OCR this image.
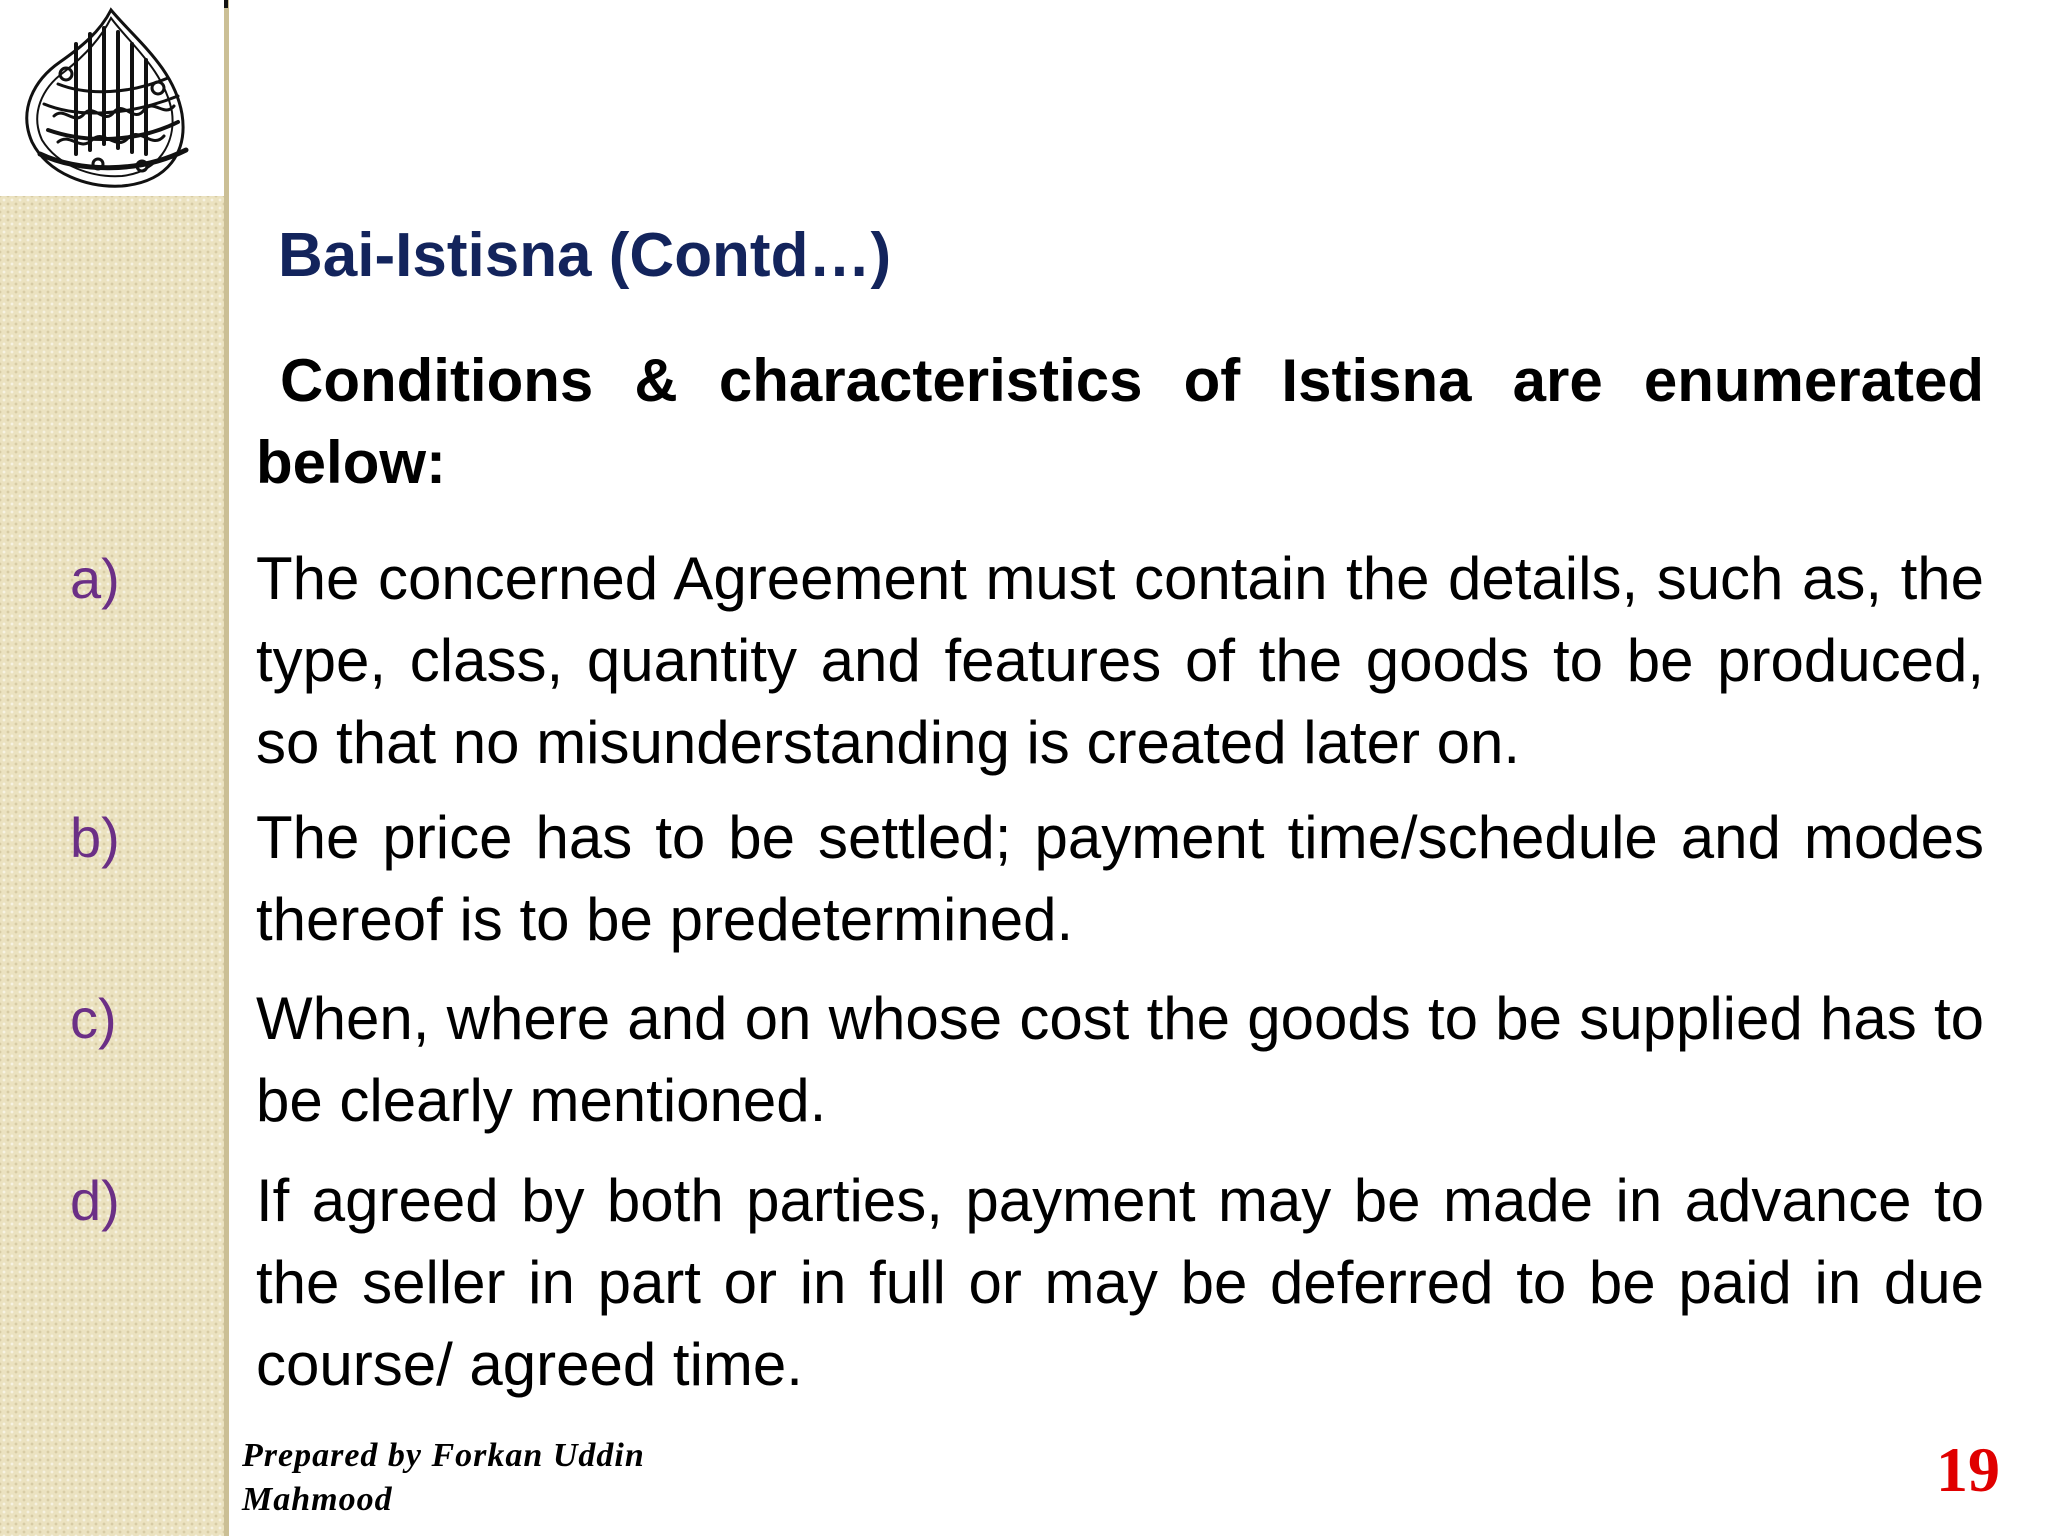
Bai-Istisna (Contd…)

Conditions & characteristics of Istisna are enumerated below:

a) The concerned Agreement must contain the details, such as, the type, class, quantity and features of the goods to be produced, so that no misunderstanding is created later on.

b) The price has to be settled; payment time/schedule and modes thereof is to be predetermined.

c) When, where and on whose cost the goods to be supplied has to be clearly mentioned.

d) If agreed by both parties, payment may be made in advance to the seller in part or in full or may be deferred to be paid in due course/ agreed time.

Prepared by Forkan Uddin Mahmood	19
